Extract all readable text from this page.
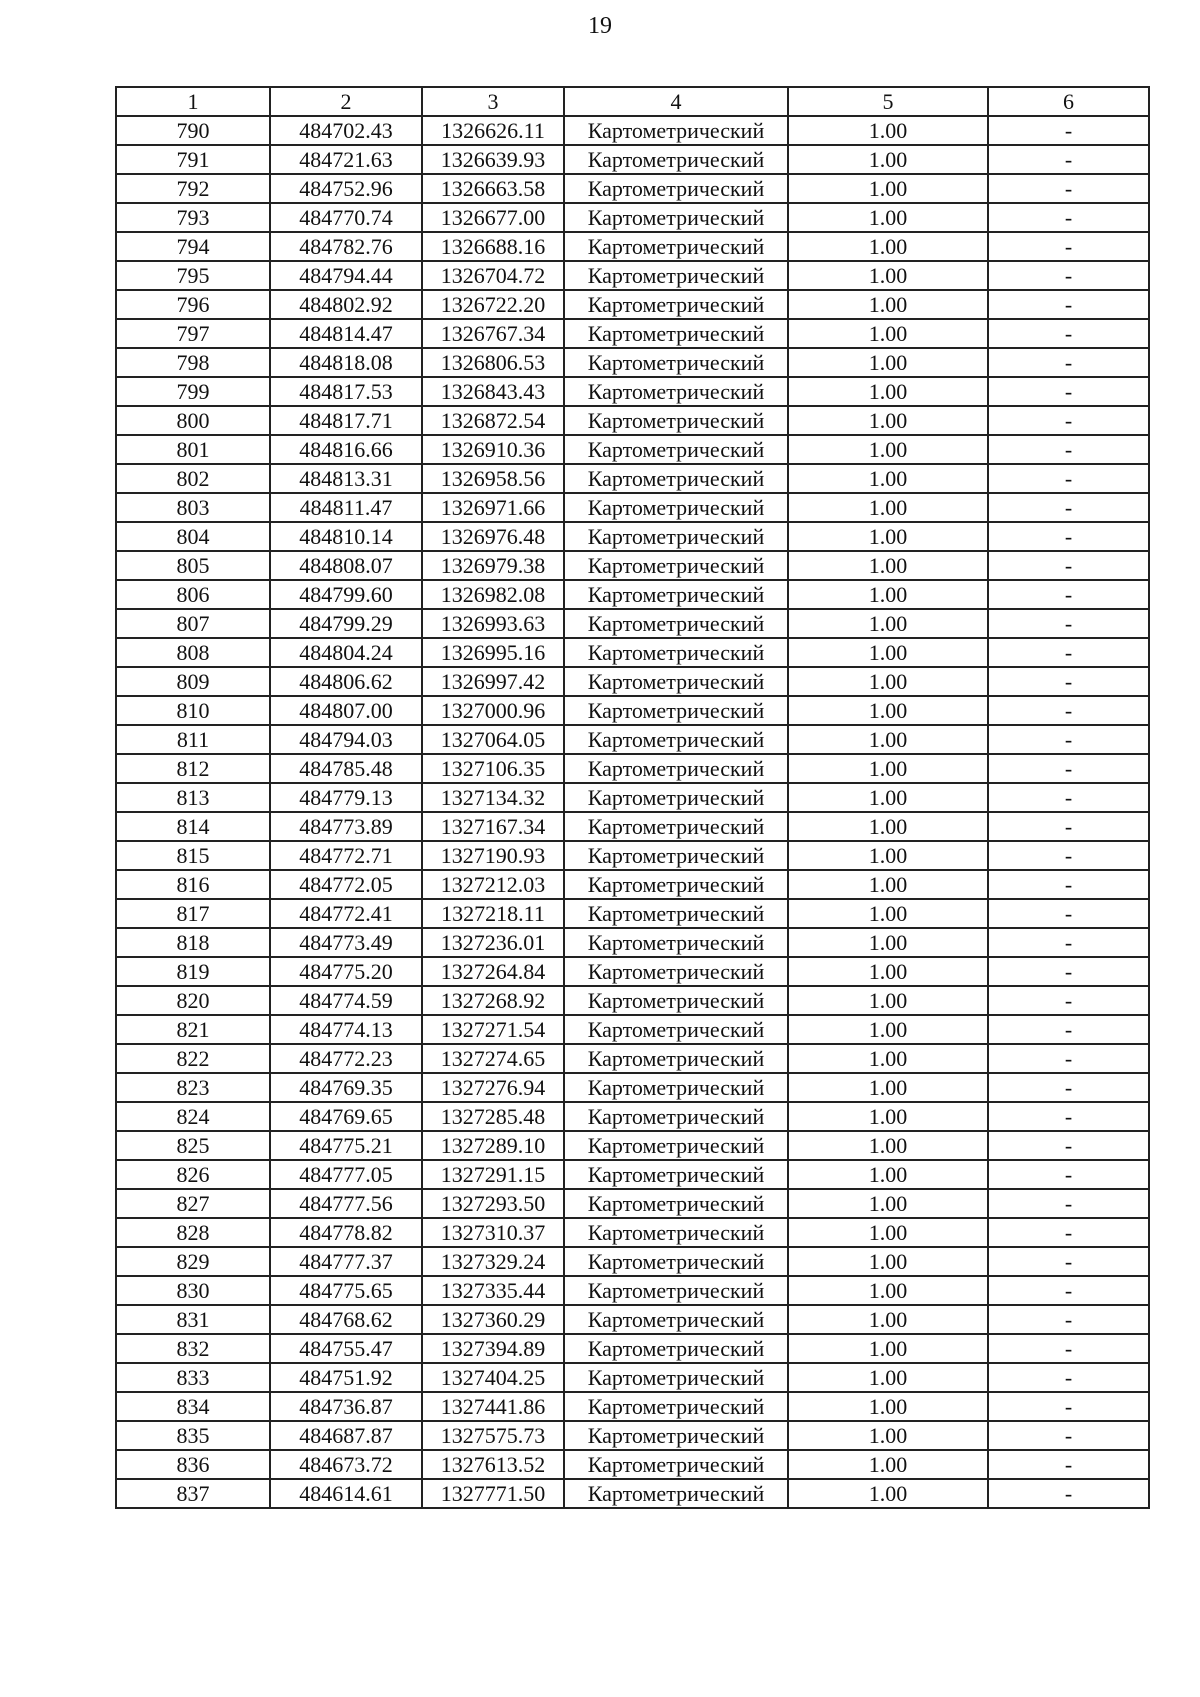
19
1	2	3	4	5	6
790	484702.43	1326626.11	Картометрический	1.00	-
791	484721.63	1326639.93	Картометрический	1.00	-
792	484752.96	1326663.58	Картометрический	1.00	-
793	484770.74	1326677.00	Картометрический	1.00	-
794	484782.76	1326688.16	Картометрический	1.00	-
795	484794.44	1326704.72	Картометрический	1.00	-
796	484802.92	1326722.20	Картометрический	1.00	-
797	484814.47	1326767.34	Картометрический	1.00	-
798	484818.08	1326806.53	Картометрический	1.00	-
799	484817.53	1326843.43	Картометрический	1.00	-
800	484817.71	1326872.54	Картометрический	1.00	-
801	484816.66	1326910.36	Картометрический	1.00	-
802	484813.31	1326958.56	Картометрический	1.00	-
803	484811.47	1326971.66	Картометрический	1.00	-
804	484810.14	1326976.48	Картометрический	1.00	-
805	484808.07	1326979.38	Картометрический	1.00	-
806	484799.60	1326982.08	Картометрический	1.00	-
807	484799.29	1326993.63	Картометрический	1.00	-
808	484804.24	1326995.16	Картометрический	1.00	-
809	484806.62	1326997.42	Картометрический	1.00	-
810	484807.00	1327000.96	Картометрический	1.00	-
811	484794.03	1327064.05	Картометрический	1.00	-
812	484785.48	1327106.35	Картометрический	1.00	-
813	484779.13	1327134.32	Картометрический	1.00	-
814	484773.89	1327167.34	Картометрический	1.00	-
815	484772.71	1327190.93	Картометрический	1.00	-
816	484772.05	1327212.03	Картометрический	1.00	-
817	484772.41	1327218.11	Картометрический	1.00	-
818	484773.49	1327236.01	Картометрический	1.00	-
819	484775.20	1327264.84	Картометрический	1.00	-
820	484774.59	1327268.92	Картометрический	1.00	-
821	484774.13	1327271.54	Картометрический	1.00	-
822	484772.23	1327274.65	Картометрический	1.00	-
823	484769.35	1327276.94	Картометрический	1.00	-
824	484769.65	1327285.48	Картометрический	1.00	-
825	484775.21	1327289.10	Картометрический	1.00	-
826	484777.05	1327291.15	Картометрический	1.00	-
827	484777.56	1327293.50	Картометрический	1.00	-
828	484778.82	1327310.37	Картометрический	1.00	-
829	484777.37	1327329.24	Картометрический	1.00	-
830	484775.65	1327335.44	Картометрический	1.00	-
831	484768.62	1327360.29	Картометрический	1.00	-
832	484755.47	1327394.89	Картометрический	1.00	-
833	484751.92	1327404.25	Картометрический	1.00	-
834	484736.87	1327441.86	Картометрический	1.00	-
835	484687.87	1327575.73	Картометрический	1.00	-
836	484673.72	1327613.52	Картометрический	1.00	-
837	484614.61	1327771.50	Картометрический	1.00	-
